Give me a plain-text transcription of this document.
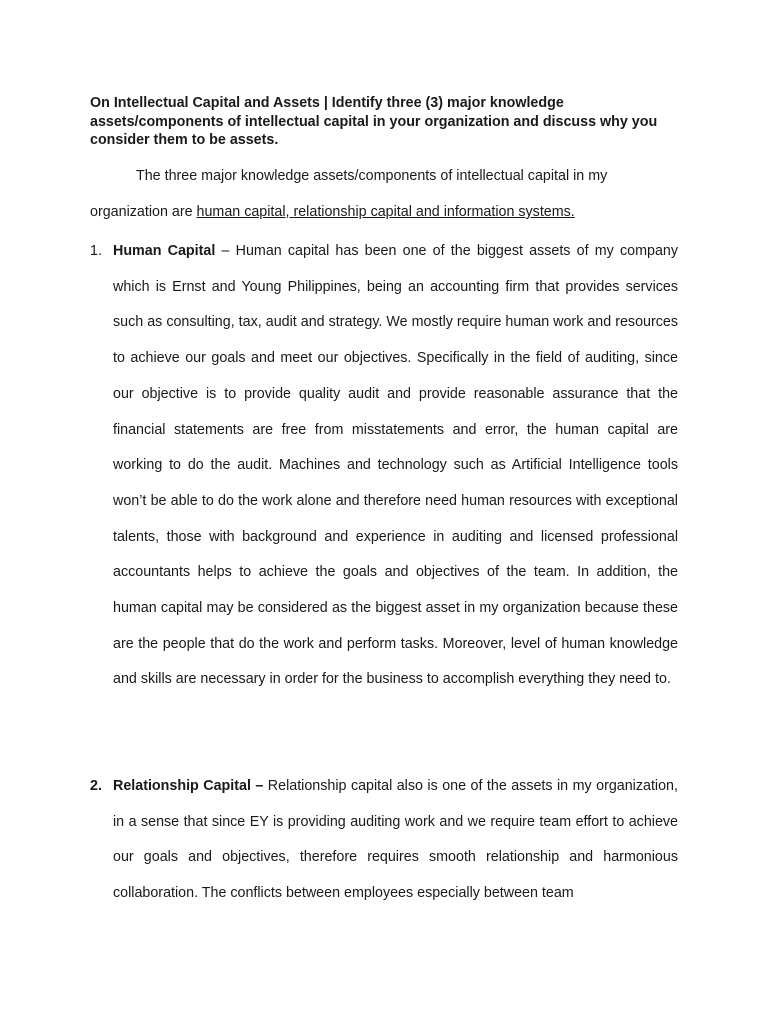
On Intellectual Capital and Assets | Identify three (3) major knowledge assets/components of intellectual capital in your organization and discuss why you consider them to be assets.

The three major knowledge assets/components of intellectual capital in my organization are human capital, relationship capital and information systems.

1. Human Capital – Human capital has been one of the biggest assets of my company which is Ernst and Young Philippines, being an accounting firm that provides services such as consulting, tax, audit and strategy. We mostly require human work and resources to achieve our goals and meet our objectives. Specifically in the field of auditing, since our objective is to provide quality audit and provide reasonable assurance that the financial statements are free from misstatements and error, the human capital are working to do the audit. Machines and technology such as Artificial Intelligence tools won’t be able to do the work alone and therefore need human resources with exceptional talents, those with background and experience in auditing and licensed professional accountants helps to achieve the goals and objectives of the team. In addition, the human capital may be considered as the biggest asset in my organization because these are the people that do the work and perform tasks. Moreover, level of human knowledge and skills are necessary in order for the business to accomplish everything they need to.

2. Relationship Capital – Relationship capital also is one of the assets in my organization, in a sense that since EY is providing auditing work and we require team effort to achieve our goals and objectives, therefore requires smooth relationship and harmonious collaboration. The conflicts between employees especially between team
